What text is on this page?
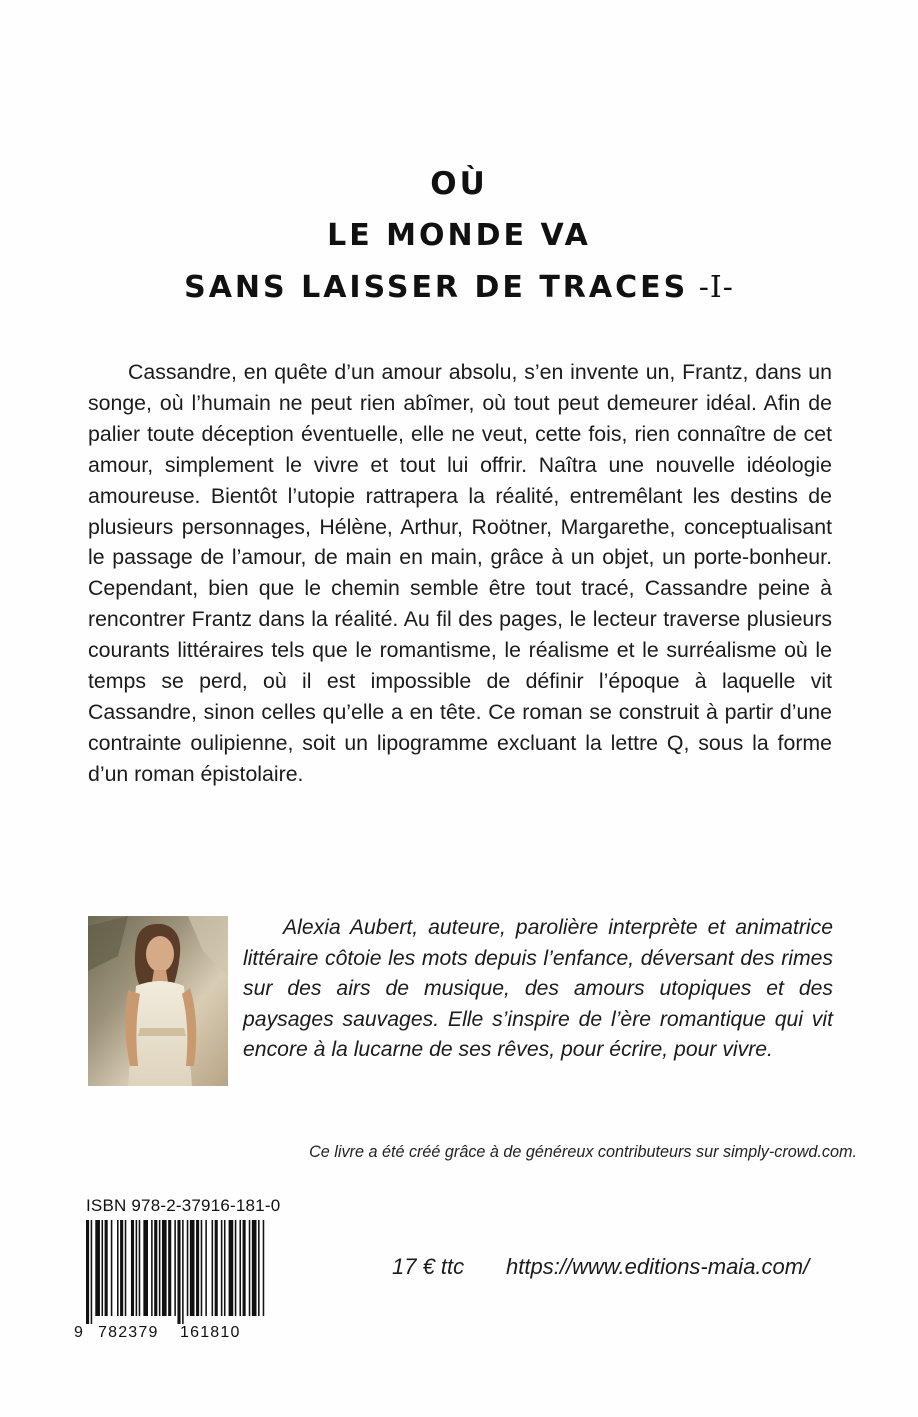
OÙ
LE MONDE VA
SANS LAISSER DE TRACES -I-

Cassandre, en quête d’un amour absolu, s’en invente un, Frantz, dans un songe, où l’humain ne peut rien abîmer, où tout peut demeurer idéal. Afin de palier toute déception éventuelle, elle ne veut, cette fois, rien connaître de cet amour, simplement le vivre et tout lui offrir. Naîtra une nouvelle idéologie amoureuse. Bientôt l’utopie rattrapera la réalité, entremêlant les destins de plusieurs personnages, Hélène, Arthur, Roötner, Margarethe, conceptualisant le passage de l’amour, de main en main, grâce à un objet, un porte-bonheur. Cependant, bien que le chemin semble être tout tracé, Cassandre peine à rencontrer Frantz dans la réalité. Au fil des pages, le lecteur traverse plusieurs courants littéraires tels que le romantisme, le réalisme et le surréalisme où le temps se perd, où il est impossible de définir l’époque à laquelle vit Cassandre, sinon celles qu’elle a en tête. Ce roman se construit à partir d’une contrainte oulipienne, soit un lipogramme excluant la lettre Q, sous la forme d’un roman épistolaire.

Alexia Aubert, auteure, parolière interprète et animatrice littéraire côtoie les mots depuis l’enfance, déversant des rimes sur des airs de musique, des amours utopiques et des paysages sauvages. Elle s’inspire de l’ère romantique qui vit encore à la lucarne de ses rêves, pour écrire, pour vivre.

Ce livre a été créé grâce à de généreux contributeurs sur simply-crowd.com.
ISBN 978-2-37916-181-0
9 782379 161810
17 € ttc https://www.editions-maia.com/
